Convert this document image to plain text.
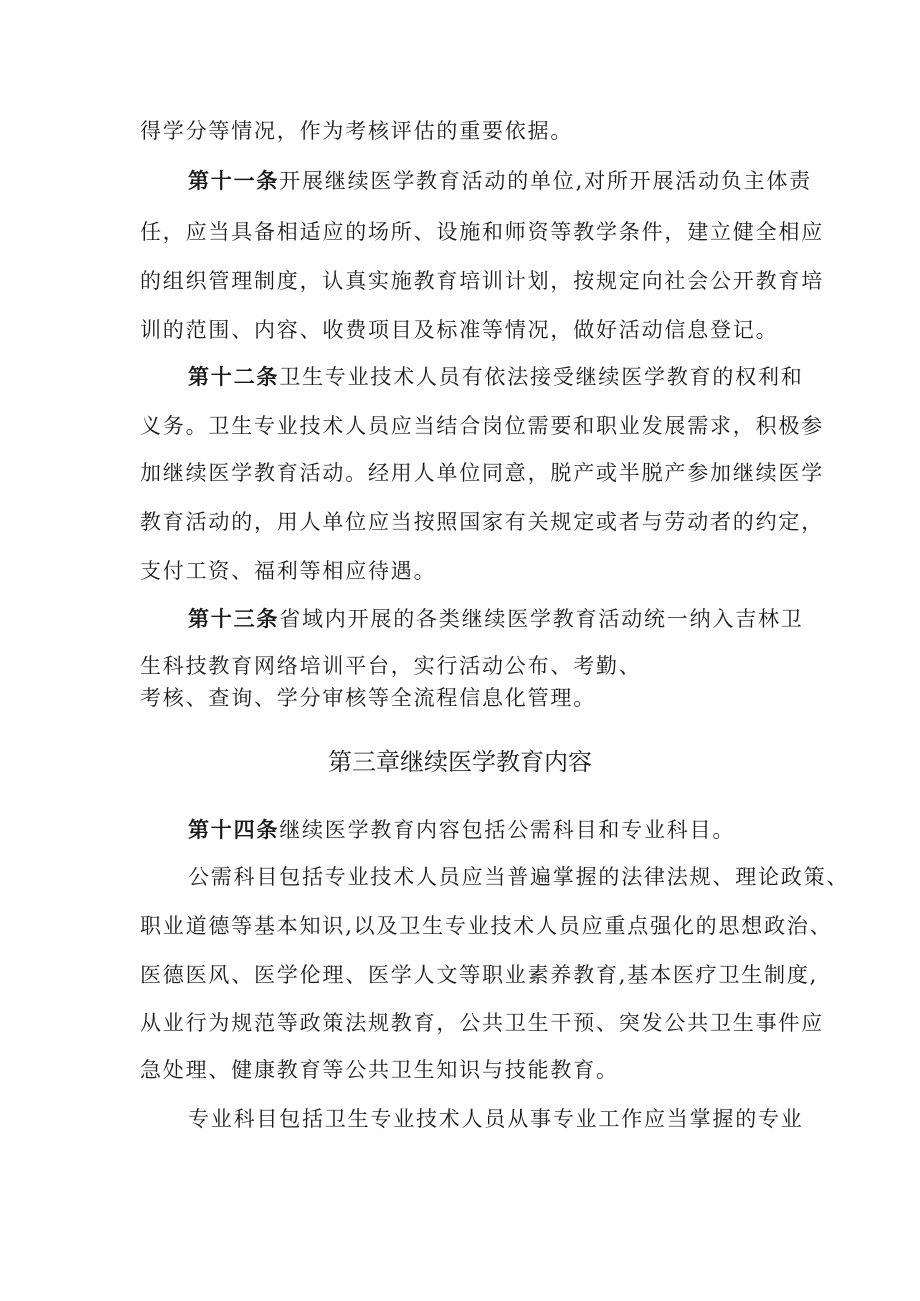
得学分等情况，作为考核评估的重要依据。
第十一条开展继续医学教育活动的单位,对所开展活动负主体责
任，应当具备相适应的场所、设施和师资等教学条件，建立健全相应
的组织管理制度，认真实施教育培训计划，按规定向社会公开教育培
训的范围、内容、收费项目及标准等情况，做好活动信息登记。
第十二条卫生专业技术人员有依法接受继续医学教育的权利和
义务。卫生专业技术人员应当结合岗位需要和职业发展需求，积极参
加继续医学教育活动。经用人单位同意，脱产或半脱产参加继续医学
教育活动的，用人单位应当按照国家有关规定或者与劳动者的约定，
支付工资、福利等相应待遇。
第十三条省域内开展的各类继续医学教育活动统一纳入吉林卫
生科技教育网络培训平台，实行活动公布、考勤、
考核、查询、学分审核等全流程信息化管理。
第三章继续医学教育内容
第十四条继续医学教育内容包括公需科目和专业科目。
公需科目包括专业技术人员应当普遍掌握的法律法规、理论政策、
职业道德等基本知识,以及卫生专业技术人员应重点强化的思想政治、
医德医风、医学伦理、医学人文等职业素养教育,基本医疗卫生制度,
从业行为规范等政策法规教育，公共卫生干预、突发公共卫生事件应
急处理、健康教育等公共卫生知识与技能教育。
专业科目包括卫生专业技术人员从事专业工作应当掌握的专业
